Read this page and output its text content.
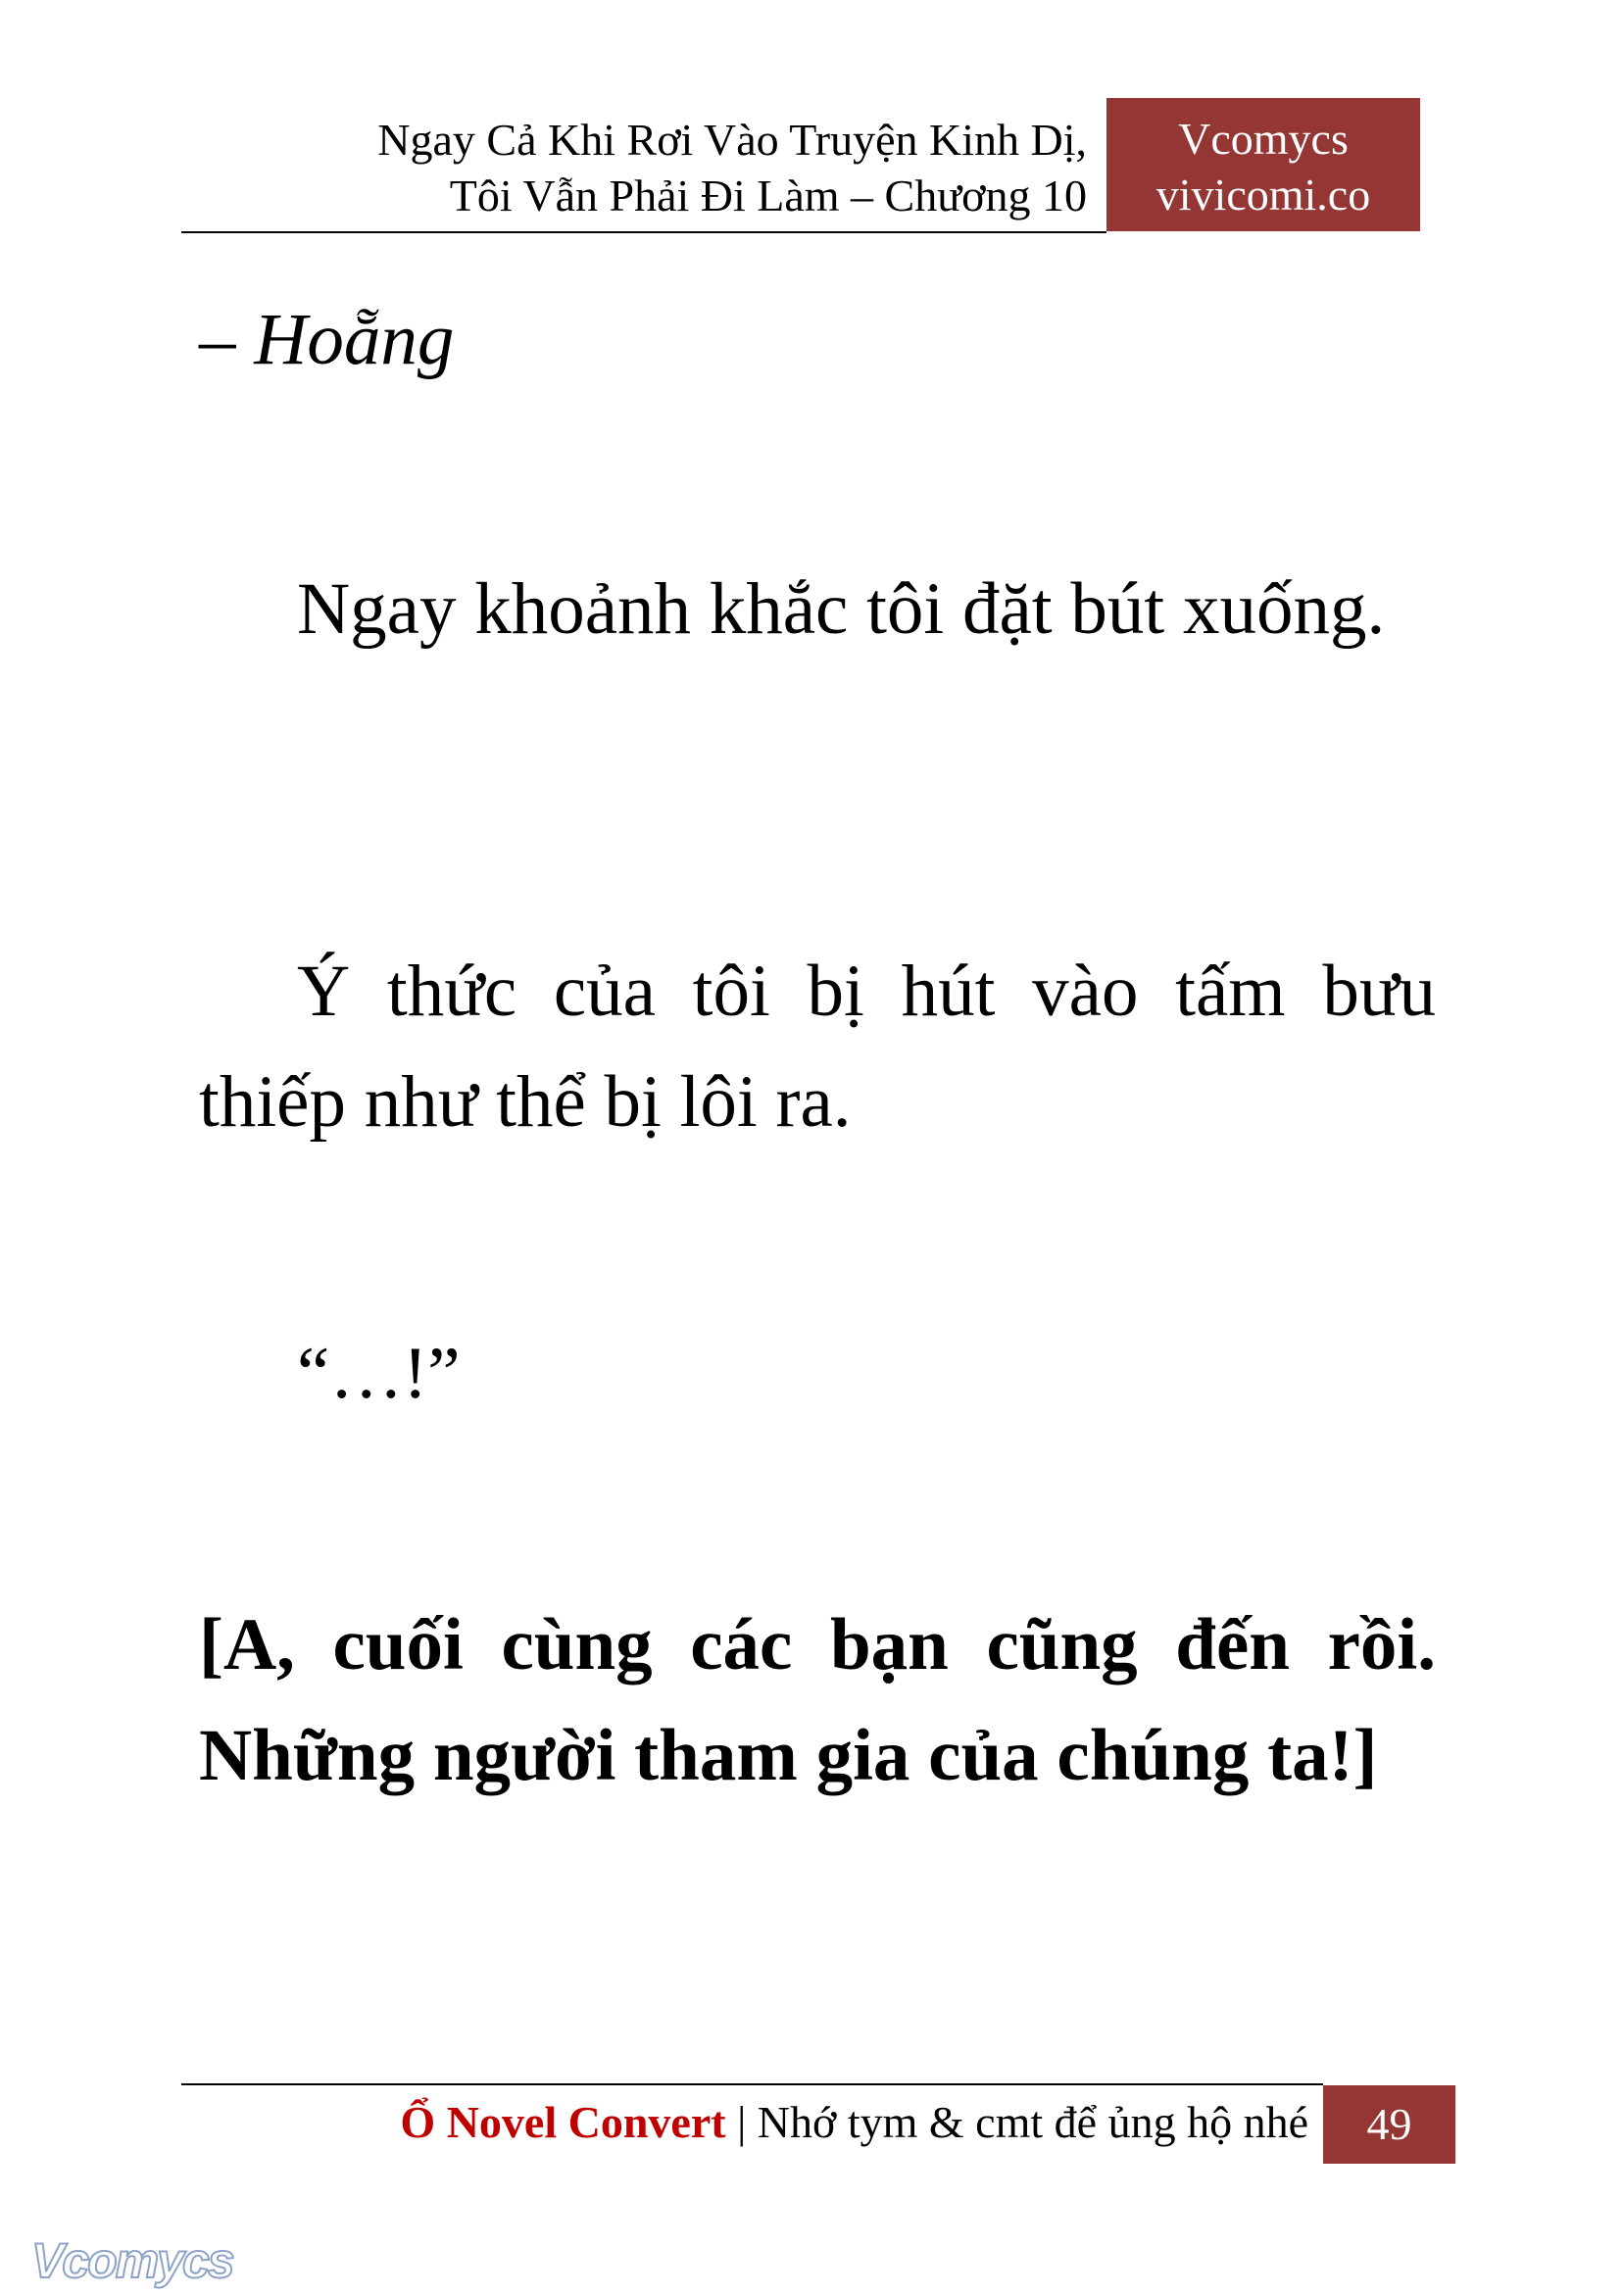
Ngay Cả Khi Rơi Vào Truyện Kinh Dị,
Tôi Vẫn Phải Đi Làm – Chương 10
Vcomycs
vivicomi.co
– Hoẵng
Ngay khoảnh khắc tôi đặt bút xuống.
Ý thức của tôi bị hút vào tấm bưu thiếp như thể bị lôi ra.
“…!”
[A, cuối cùng các bạn cũng đến rồi. Những người tham gia của chúng ta!]
Ổ Novel Convert | Nhớ tym & cmt để ủng hộ nhé	49
Vcomycs
